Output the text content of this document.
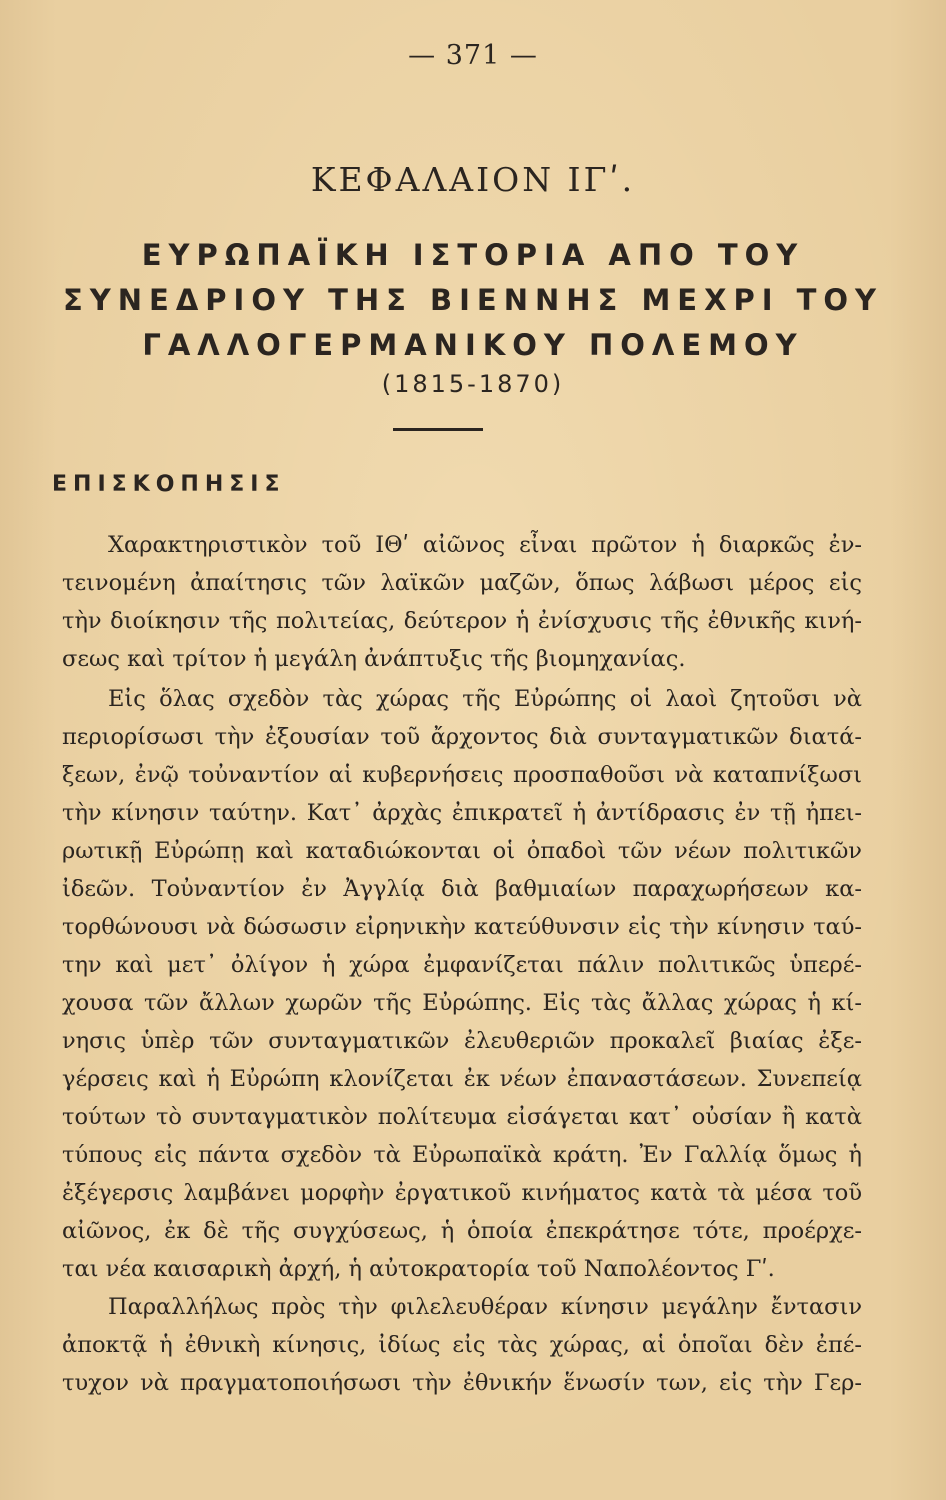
— 371 —
ΚΕΦΑΛΑΙΟΝ ΙΓʹ.
ΕΥΡΩΠΑΪΚΗ ΙΣΤΟΡΙΑ ΑΠΟ ΤΟΥ
ΣΥΝΕΔΡΙΟΥ ΤΗΣ ΒΙΕΝΝΗΣ ΜΕΧΡΙ ΤΟΥ
ΓΑΛΛΟΓΕΡΜΑΝΙΚΟΥ ΠΟΛΕΜΟΥ
(1815-1870)
ΕΠΙΣΚΟΠΗΣΙΣ
Χαρακτηριστικὸν τοῦ ΙΘʹ αἰῶνος εἶναι πρῶτον ἡ διαρκῶς ἐν-
τεινομένη ἀπαίτησις τῶν λαϊκῶν μαζῶν, ὅπως λάβωσι μέρος εἰς
τὴν διοίκησιν τῆς πολιτείας, δεύτερον ἡ ἐνίσχυσις τῆς ἐθνικῆς κινή-
σεως καὶ τρίτον ἡ μεγάλη ἀνάπτυξις τῆς βιομηχανίας.
Εἰς ὅλας σχεδὸν τὰς χώρας τῆς Εὐρώπης οἱ λαοὶ ζητοῦσι νὰ
περιορίσωσι τὴν ἐξουσίαν τοῦ ἄρχοντος διὰ συνταγματικῶν διατά-
ξεων, ἐνῷ τοὐναντίον αἱ κυβερνήσεις προσπαθοῦσι νὰ καταπνίξωσι
τὴν κίνησιν ταύτην. Κατ᾽ ἀρχὰς ἐπικρατεῖ ἡ ἀντίδρασις ἐν τῇ ἠπει-
ρωτικῇ Εὐρώπῃ καὶ καταδιώκονται οἱ ὀπαδοὶ τῶν νέων πολιτικῶν
ἰδεῶν. Τοὐναντίον ἐν Ἀγγλίᾳ διὰ βαθμιαίων παραχωρήσεων κα-
τορθώνουσι νὰ δώσωσιν εἰρηνικὴν κατεύθυνσιν εἰς τὴν κίνησιν ταύ-
την καὶ μετ᾽ ὀλίγον ἡ χώρα ἐμφανίζεται πάλιν πολιτικῶς ὑπερέ-
χουσα τῶν ἄλλων χωρῶν τῆς Εὐρώπης. Εἰς τὰς ἄλλας χώρας ἡ κί-
νησις ὑπὲρ τῶν συνταγματικῶν ἐλευθεριῶν προκαλεῖ βιαίας ἐξε-
γέρσεις καὶ ἡ Εὐρώπη κλονίζεται ἐκ νέων ἐπαναστάσεων. Συνεπείᾳ
τούτων τὸ συνταγματικὸν πολίτευμα εἰσάγεται κατ᾽ οὐσίαν ἢ κατὰ
τύπους εἰς πάντα σχεδὸν τὰ Εὐρωπαϊκὰ κράτη. Ἐν Γαλλίᾳ ὅμως ἡ
ἐξέγερσις λαμβάνει μορφὴν ἐργατικοῦ κινήματος κατὰ τὰ μέσα τοῦ
αἰῶνος, ἐκ δὲ τῆς συγχύσεως, ἡ ὁποία ἐπεκράτησε τότε, προέρχε-
ται νέα καισαρικὴ ἀρχή, ἡ αὐτοκρατορία τοῦ Ναπολέοντος Γʹ.
Παραλλήλως πρὸς τὴν φιλελευθέραν κίνησιν μεγάλην ἔντασιν
ἀποκτᾷ ἡ ἐθνικὴ κίνησις, ἰδίως εἰς τὰς χώρας, αἱ ὁποῖαι δὲν ἐπέ-
τυχον νὰ πραγματοποιήσωσι τὴν ἐθνικήν ἕνωσίν των, εἰς τὴν Γερ-
